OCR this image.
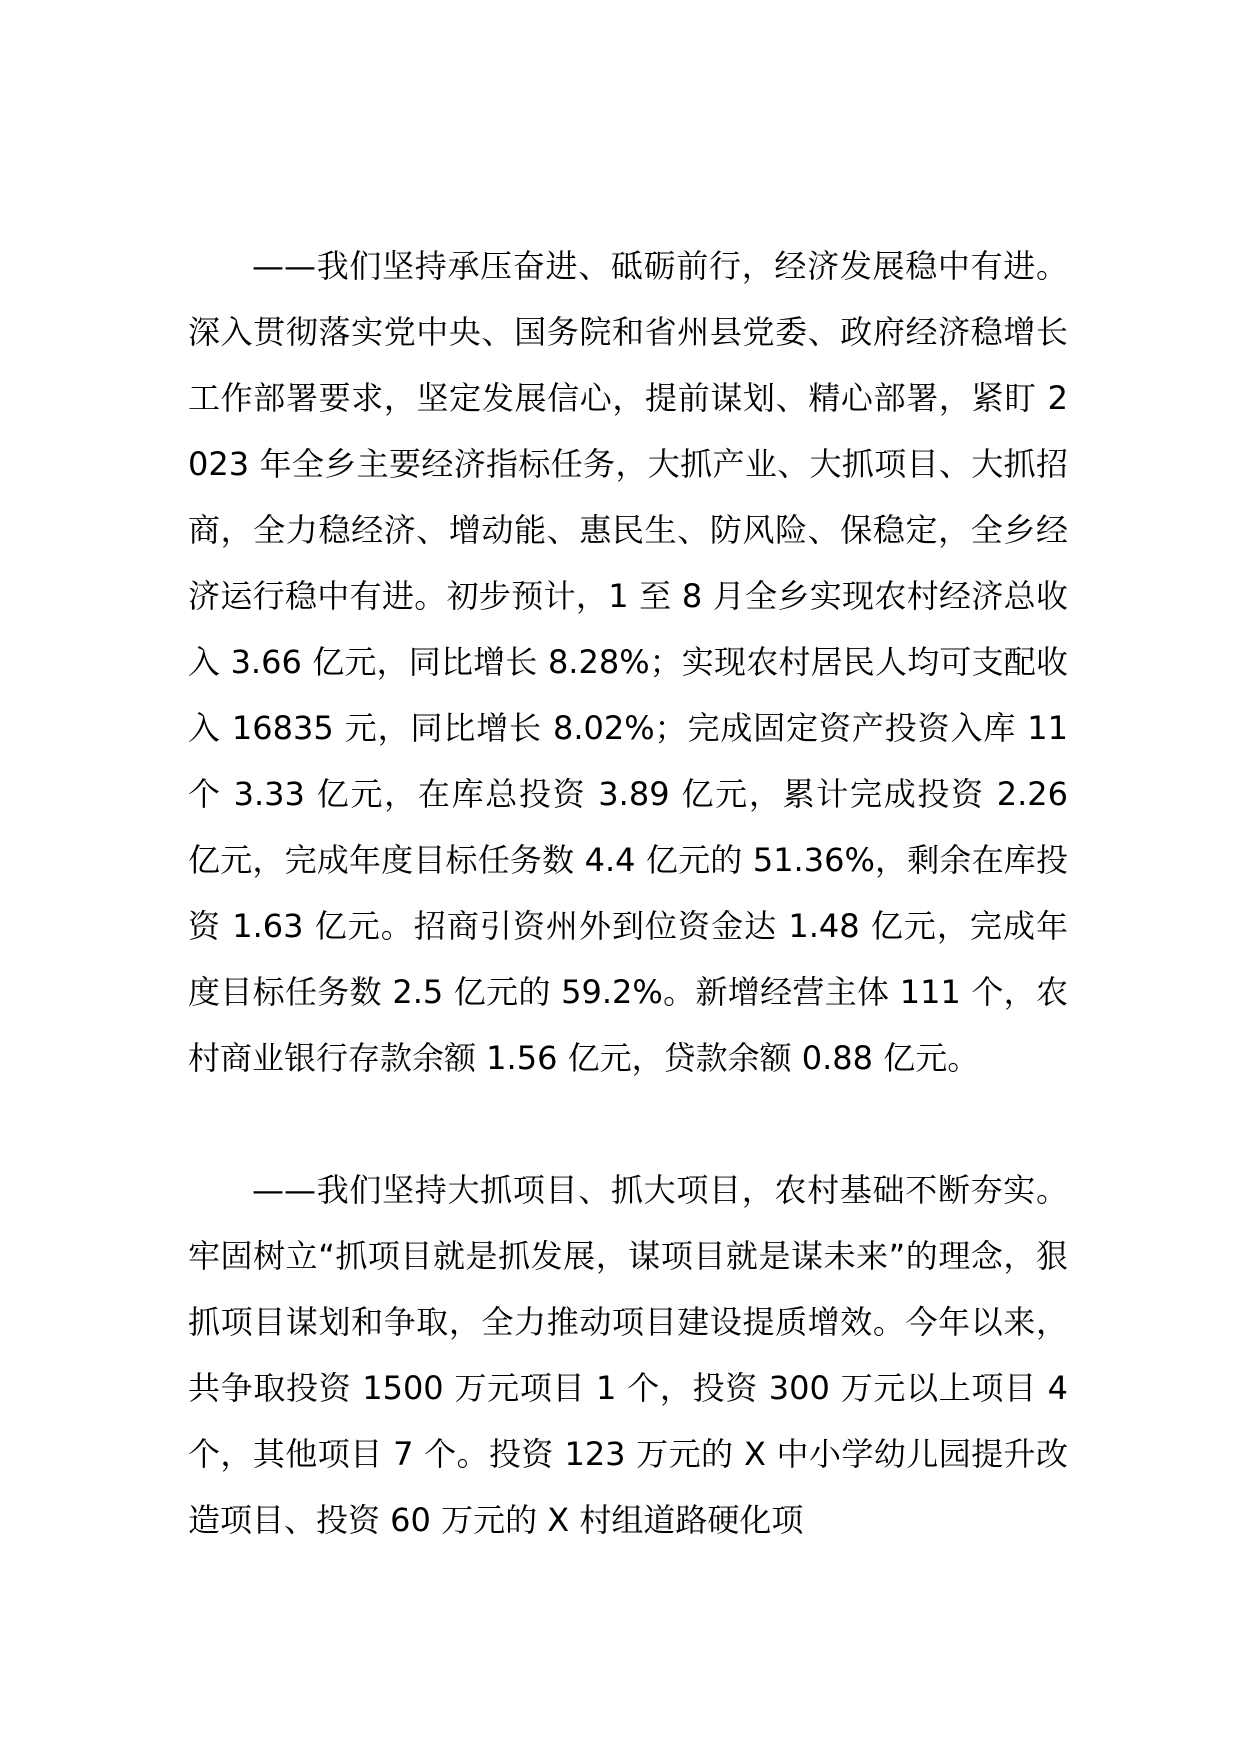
——我们坚持承压奋进、砥砺前行，经济发展稳中有进。深入贯彻落实党中央、国务院和省州县党委、政府经济稳增长工作部署要求，坚定发展信心，提前谋划、精心部署，紧盯 2023 年全乡主要经济指标任务，大抓产业、大抓项目、大抓招商，全力稳经济、增动能、惠民生、防风险、保稳定，全乡经济运行稳中有进。初步预计，1 至 8 月全乡实现农村经济总收入 3.66 亿元，同比增长 8.28%；实现农村居民人均可支配收入 16835 元，同比增长 8.02%；完成固定资产投资入库 11 个 3.33 亿元，在库总投资 3.89 亿元，累计完成投资 2.26 亿元，完成年度目标任务数 4.4 亿元的 51.36%，剩余在库投资 1.63 亿元。招商引资州外到位资金达 1.48 亿元，完成年度目标任务数 2.5 亿元的 59.2%。新增经营主体 111 个，农村商业银行存款余额 1.56 亿元，贷款余额 0.88 亿元。

——我们坚持大抓项目、抓大项目，农村基础不断夯实。牢固树立“抓项目就是抓发展，谋项目就是谋未来”的理念，狠抓项目谋划和争取，全力推动项目建设提质增效。今年以来，共争取投资 1500 万元项目 1 个，投资 300 万元以上项目 4 个，其他项目 7 个。投资 123 万元的 X 中小学幼儿园提升改造项目、投资 60 万元的 X 村组道路硬化项
